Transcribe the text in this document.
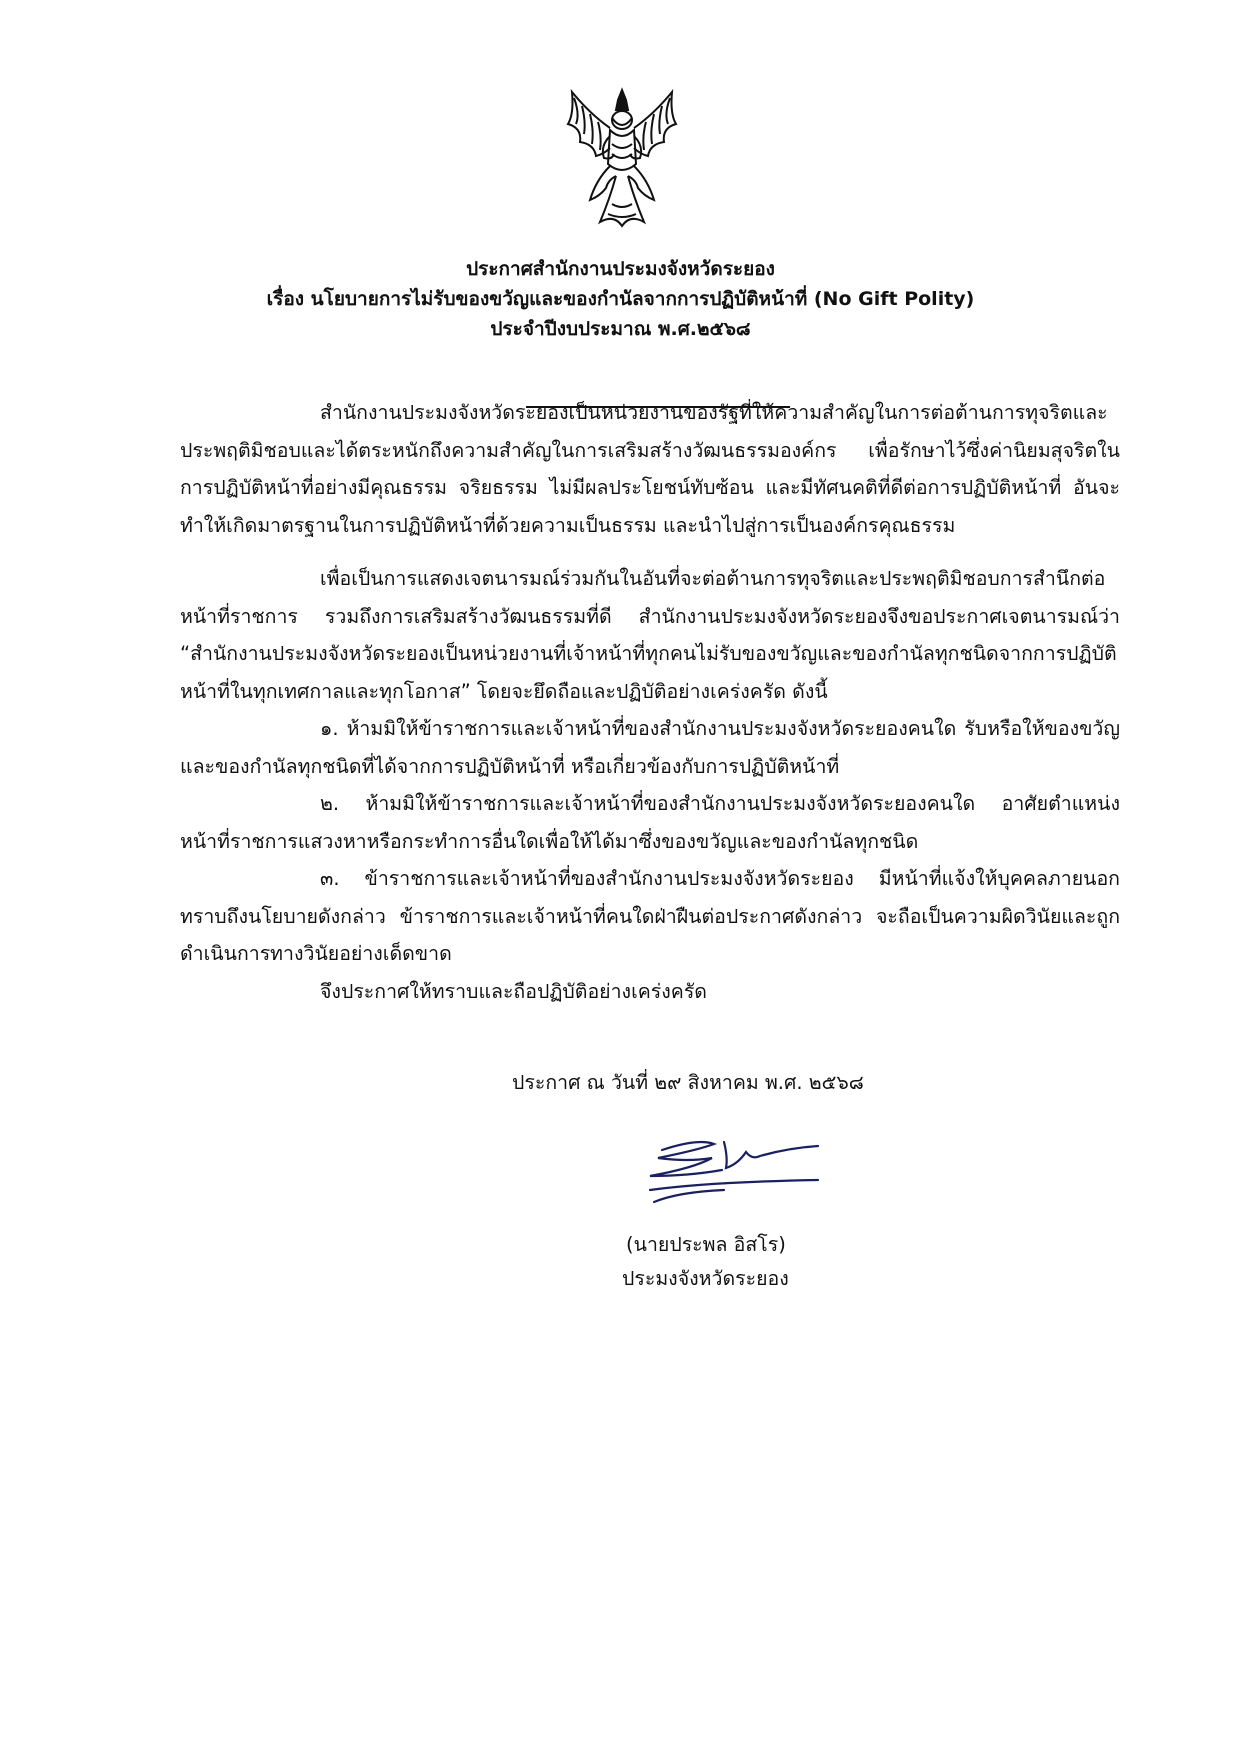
ประกาศสำนักงานประมงจังหวัดระยอง
เรื่อง นโยบายการไม่รับของขวัญและของกำนัลจากการปฏิบัติหน้าที่ (No Gift Polity)
ประจำปีงบประมาณ พ.ศ.๒๕๖๘

สำนักงานประมงจังหวัดระยองเป็นหน่วยงานของรัฐที่ให้ความสำคัญในการต่อต้านการทุจริตและประพฤติมิชอบและได้ตระหนักถึงความสำคัญในการเสริมสร้างวัฒนธรรมองค์กร เพื่อรักษาไว้ซึ่งค่านิยมสุจริตในการปฏิบัติหน้าที่อย่างมีคุณธรรม จริยธรรม ไม่มีผลประโยชน์ทับซ้อน และมีทัศนคติที่ดีต่อการปฏิบัติหน้าที่ อันจะทำให้เกิดมาตรฐานในการปฏิบัติหน้าที่ด้วยความเป็นธรรม และนำไปสู่การเป็นองค์กรคุณธรรม

เพื่อเป็นการแสดงเจตนารมณ์ร่วมกันในอันที่จะต่อต้านการทุจริตและประพฤติมิชอบการสำนึกต่อหน้าที่ราชการ รวมถึงการเสริมสร้างวัฒนธรรมที่ดี สำนักงานประมงจังหวัดระยองจึงขอประกาศเจตนารมณ์ว่า “สำนักงานประมงจังหวัดระยองเป็นหน่วยงานที่เจ้าหน้าที่ทุกคนไม่รับของขวัญและของกำนัลทุกชนิดจากการปฏิบัติหน้าที่ในทุกเทศกาลและทุกโอกาส” โดยจะยึดถือและปฏิบัติอย่างเคร่งครัด ดังนี้

๑. ห้ามมิให้ข้าราชการและเจ้าหน้าที่ของสำนักงานประมงจังหวัดระยองคนใด รับหรือให้ของขวัญและของกำนัลทุกชนิดที่ได้จากการปฏิบัติหน้าที่ หรือเกี่ยวข้องกับการปฏิบัติหน้าที่

๒. ห้ามมิให้ข้าราชการและเจ้าหน้าที่ของสำนักงานประมงจังหวัดระยองคนใด อาศัยตำแหน่งหน้าที่ราชการแสวงหาหรือกระทำการอื่นใดเพื่อให้ได้มาซึ่งของขวัญและของกำนัลทุกชนิด

๓. ข้าราชการและเจ้าหน้าที่ของสำนักงานประมงจังหวัดระยอง มีหน้าที่แจ้งให้บุคคลภายนอกทราบถึงนโยบายดังกล่าว ข้าราชการและเจ้าหน้าที่คนใดฝ่าฝืนต่อประกาศดังกล่าว จะถือเป็นความผิดวินัยและถูกดำเนินการทางวินัยอย่างเด็ดขาด

จึงประกาศให้ทราบและถือปฏิบัติอย่างเคร่งครัด

ประกาศ ณ วันที่ ๒๙ สิงหาคม พ.ศ. ๒๕๖๘
(นายประพล อิสโร)
ประมงจังหวัดระยอง
